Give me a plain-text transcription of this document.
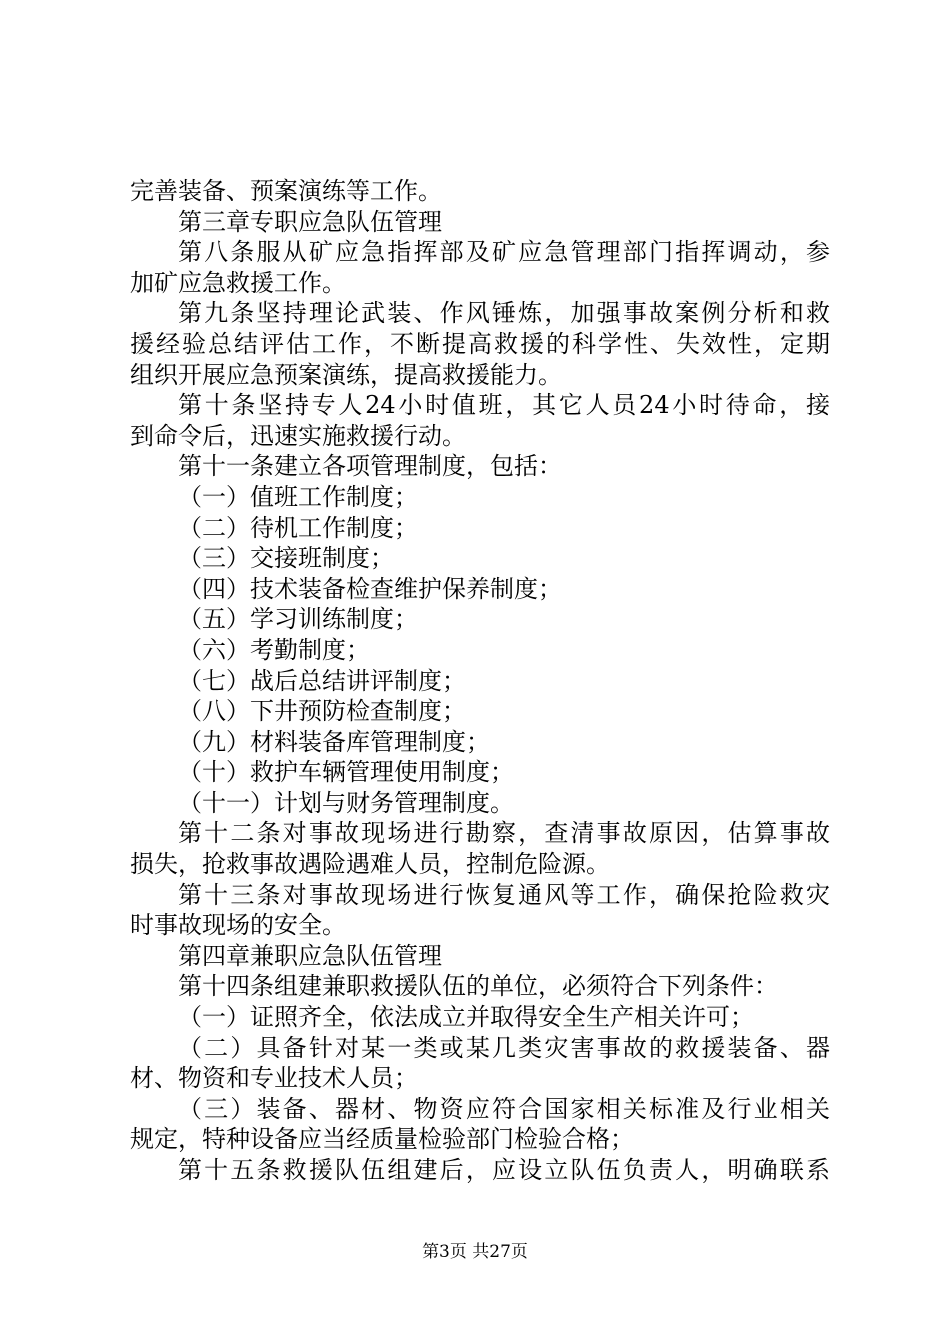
完善装备、预案演练等工作。
第三章专职应急队伍管理
第八条服从矿应急指挥部及矿应急管理部门指挥调动，参
加矿应急救援工作。
第九条坚持理论武装、作风锤炼，加强事故案例分析和救
援经验总结评估工作，不断提高救援的科学性、失效性，定期
组织开展应急预案演练，提高救援能力。
第十条坚持专人24小时值班，其它人员24小时待命，接
到命令后，迅速实施救援行动。
第十一条建立各项管理制度，包括：
（一）值班工作制度；
（二）待机工作制度；
（三）交接班制度；
（四）技术装备检查维护保养制度；
（五）学习训练制度；
（六）考勤制度；
（七）战后总结讲评制度；
（八）下井预防检查制度；
（九）材料装备库管理制度；
（十）救护车辆管理使用制度；
（十一）计划与财务管理制度。
第十二条对事故现场进行勘察，查清事故原因，估算事故
损失，抢救事故遇险遇难人员，控制危险源。
第十三条对事故现场进行恢复通风等工作，确保抢险救灾
时事故现场的安全。
第四章兼职应急队伍管理
第十四条组建兼职救援队伍的单位，必须符合下列条件：
（一）证照齐全，依法成立并取得安全生产相关许可；
（二）具备针对某一类或某几类灾害事故的救援装备、器
材、物资和专业技术人员；
（三）装备、器材、物资应符合国家相关标准及行业相关
规定，特种设备应当经质量检验部门检验合格；
第十五条救援队伍组建后，应设立队伍负责人，明确联系
第3页 共27页
